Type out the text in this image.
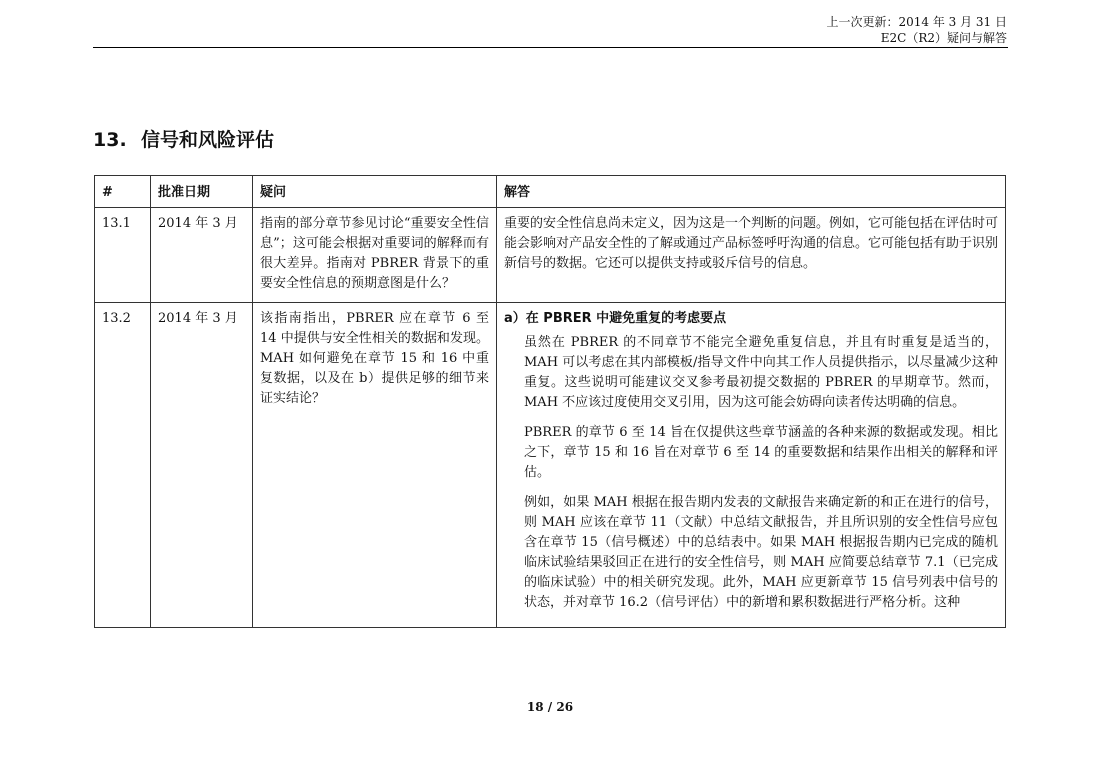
上一次更新：2014 年 3 月 31 日
E2C（R2）疑问与解答
13. 信号和风险评估
#	批准日期	疑问	解答
13.1	2014 年 3 月	指南的部分章节参见讨论“重要安全性信息”；这可能会根据对重要词的解释而有很大差异。指南对 PBRER 背景下的重要安全性信息的预期意图是什么？	重要的安全性信息尚未定义，因为这是一个判断的问题。例如，它可能包括在评估时可能会影响对产品安全性的了解或通过产品标签呼吁沟通的信息。它可能包括有助于识别新信号的数据。它还可以提供支持或驳斥信号的信息。
13.2	2014 年 3 月	该指南指出，PBRER 应在章节 6 至 14 中提供与安全性相关的数据和发现。MAH 如何避免在章节 15 和 16 中重复数据，以及在 b）提供足够的细节来证实结论？	a）在 PBRER 中避免重复的考虑要点

虽然在 PBRER 的不同章节不能完全避免重复信息，并且有时重复是适当的，MAH 可以考虑在其内部模板/指导文件中向其工作人员提供指示，以尽量减少这种重复。这些说明可能建议交叉参考最初提交数据的 PBRER 的早期章节。然而，MAH 不应该过度使用交叉引用，因为这可能会妨碍向读者传达明确的信息。

PBRER 的章节 6 至 14 旨在仅提供这些章节涵盖的各种来源的数据或发现。相比之下，章节 15 和 16 旨在对章节 6 至 14 的重要数据和结果作出相关的解释和评估。

例如，如果 MAH 根据在报告期内发表的文献报告来确定新的和正在进行的信号，则 MAH 应该在章节 11（文献）中总结文献报告，并且所识别的安全性信号应包含在章节 15（信号概述）中的总结表中。如果 MAH 根据报告期内已完成的随机临床试验结果驳回正在进行的安全性信号，则 MAH 应简要总结章节 7.1（已完成的临床试验）中的相关研究发现。此外，MAH 应更新章节 15 信号列表中信号的状态，并对章节 16.2（信号评估）中的新增和累积数据进行严格分析。这种

18 / 26
